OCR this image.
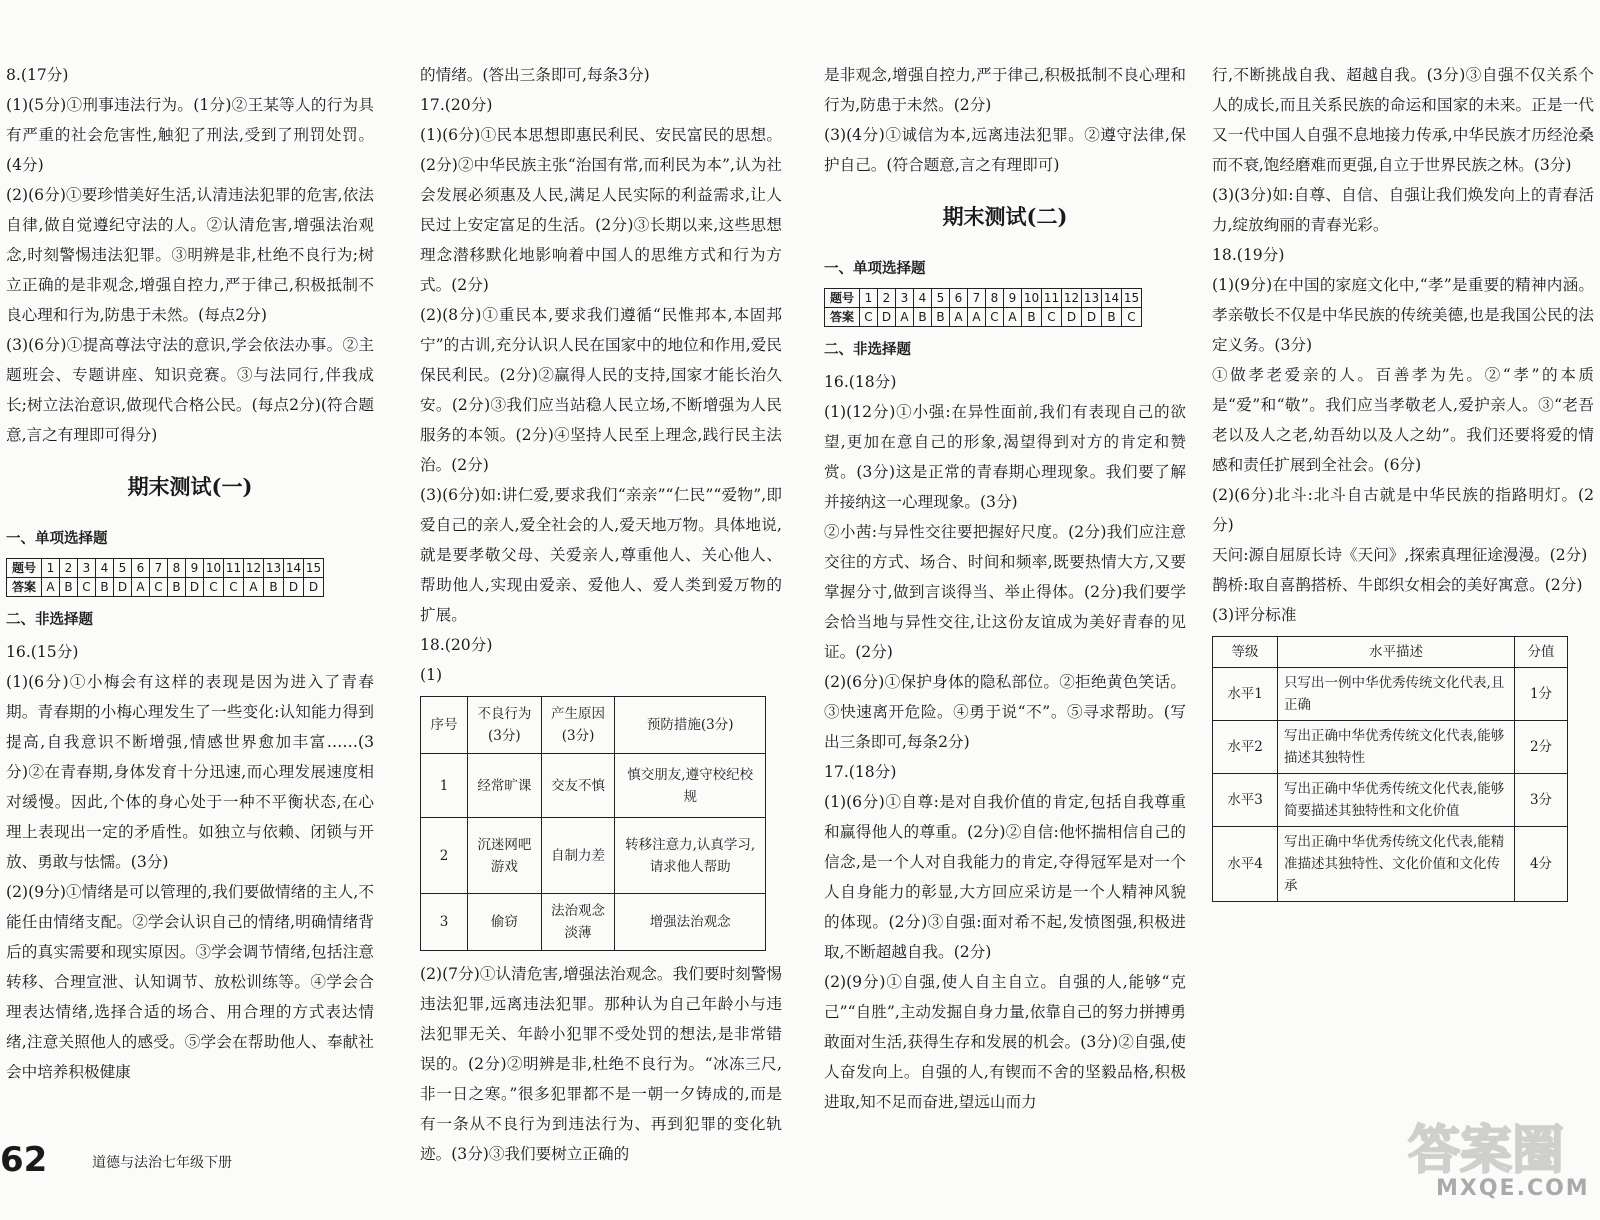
8.(17分)

(1)(5分)①刑事违法行为。(1分)②王某等人的行为具有严重的社会危害性,触犯了刑法,受到了刑罚处罚。(4分)

(2)(6分)①要珍惜美好生活,认清违法犯罪的危害,依法自律,做自觉遵纪守法的人。②认清危害,增强法治观念,时刻警惕违法犯罪。③明辨是非,杜绝不良行为;树立正确的是非观念,增强自控力,严于律己,积极抵制不良心理和行为,防患于未然。(每点2分)

(3)(6分)①提高尊法守法的意识,学会依法办事。②主题班会、专题讲座、知识竞赛。③与法同行,伴我成长;树立法治意识,做现代合格公民。(每点2分)(符合题意,言之有理即可得分)

期末测试(一)
一、单项选择题
题号	1	2	3	4	5	6	7	8	9	10	11	12	13	14	15
答案	A	B	C	B	D	A	C	B	D	C	C	A	B	D	D
二、非选择题

16.(15分)

(1)(6分)①小梅会有这样的表现是因为进入了青春期。青春期的小梅心理发生了一些变化:认知能力得到提高,自我意识不断增强,情感世界愈加丰富……(3分)②在青春期,身体发育十分迅速,而心理发展速度相对缓慢。因此,个体的身心处于一种不平衡状态,在心理上表现出一定的矛盾性。如独立与依赖、闭锁与开放、勇敢与怯懦。(3分)

(2)(9分)①情绪是可以管理的,我们要做情绪的主人,不能任由情绪支配。②学会认识自己的情绪,明确情绪背后的真实需要和现实原因。③学会调节情绪,包括注意转移、合理宣泄、认知调节、放松训练等。④学会合理表达情绪,选择合适的场合、用合理的方式表达情绪,注意关照他人的感受。⑤学会在帮助他人、奉献社会中培养积极健康

的情绪。(答出三条即可,每条3分)

17.(20分)

(1)(6分)①民本思想即惠民利民、安民富民的思想。(2分)②中华民族主张“治国有常,而利民为本”,认为社会发展必须惠及人民,满足人民实际的利益需求,让人民过上安定富足的生活。(2分)③长期以来,这些思想理念潜移默化地影响着中国人的思维方式和行为方式。(2分)

(2)(8分)①重民本,要求我们遵循“民惟邦本,本固邦宁”的古训,充分认识人民在国家中的地位和作用,爱民保民利民。(2分)②赢得人民的支持,国家才能长治久安。(2分)③我们应当站稳人民立场,不断增强为人民服务的本领。(2分)④坚持人民至上理念,践行民主法治。(2分)

(3)(6分)如:讲仁爱,要求我们“亲亲”“仁民”“爱物”,即爱自己的亲人,爱全社会的人,爱天地万物。具体地说,就是要孝敬父母、关爱亲人,尊重他人、关心他人、帮助他人,实现由爱亲、爱他人、爱人类到爱万物的扩展。

18.(20分)

(1)

序号	不良行为(3分)	产生原因(3分)	预防措施(3分)
1	经常旷课	交友不慎	慎交朋友,遵守校纪校规
2	沉迷网吧游戏	自制力差	转移注意力,认真学习,请求他人帮助
3	偷窃	法治观念淡薄	增强法治观念

(2)(7分)①认清危害,增强法治观念。我们要时刻警惕违法犯罪,远离违法犯罪。那种认为自己年龄小与违法犯罪无关、年龄小犯罪不受处罚的想法,是非常错误的。(2分)②明辨是非,杜绝不良行为。“冰冻三尺,非一日之寒。”很多犯罪都不是一朝一夕铸成的,而是有一条从不良行为到违法行为、再到犯罪的变化轨迹。(3分)③我们要树立正确的

是非观念,增强自控力,严于律己,积极抵制不良心理和行为,防患于未然。(2分)

(3)(4分)①诚信为本,远离违法犯罪。②遵守法律,保护自己。(符合题意,言之有理即可)

期末测试(二)
一、单项选择题
题号	1	2	3	4	5	6	7	8	9	10	11	12	13	14	15
答案	C	D	A	B	B	A	A	C	A	B	C	D	D	B	C
二、非选择题

16.(18分)

(1)(12分)①小强:在异性面前,我们有表现自己的欲望,更加在意自己的形象,渴望得到对方的肯定和赞赏。(3分)这是正常的青春期心理现象。我们要了解并接纳这一心理现象。(3分)

②小茜:与异性交往要把握好尺度。(2分)我们应注意交往的方式、场合、时间和频率,既要热情大方,又要掌握分寸,做到言谈得当、举止得体。(2分)我们要学会恰当地与异性交往,让这份友谊成为美好青春的见证。(2分)

(2)(6分)①保护身体的隐私部位。②拒绝黄色笑话。③快速离开危险。④勇于说“不”。⑤寻求帮助。(写出三条即可,每条2分)

17.(18分)

(1)(6分)①自尊:是对自我价值的肯定,包括自我尊重和赢得他人的尊重。(2分)②自信:他怀揣相信自己的信念,是一个人对自我能力的肯定,夺得冠军是对一个人自身能力的彰显,大方回应采访是一个人精神风貌的体现。(2分)③自强:面对希不起,发愤图强,积极进取,不断超越自我。(2分)

(2)(9分)①自强,使人自主自立。自强的人,能够“克己”“自胜”,主动发掘自身力量,依靠自己的努力拼搏勇敢面对生活,获得生存和发展的机会。(3分)②自强,使人奋发向上。自强的人,有锲而不舍的坚毅品格,积极进取,知不足而奋进,望远山而力

行,不断挑战自我、超越自我。(3分)③自强不仅关系个人的成长,而且关系民族的命运和国家的未来。正是一代又一代中国人自强不息地接力传承,中华民族才历经沧桑而不衰,饱经磨难而更强,自立于世界民族之林。(3分)

(3)(3分)如:自尊、自信、自强让我们焕发向上的青春活力,绽放绚丽的青春光彩。

18.(19分)

(1)(9分)在中国的家庭文化中,“孝”是重要的精神内涵。孝亲敬长不仅是中华民族的传统美德,也是我国公民的法定义务。(3分)

①做孝老爱亲的人。百善孝为先。②“孝”的本质是“爱”和“敬”。我们应当孝敬老人,爱护亲人。③“老吾老以及人之老,幼吾幼以及人之幼”。我们还要将爱的情感和责任扩展到全社会。(6分)

(2)(6分)北斗:北斗自古就是中华民族的指路明灯。(2分)

天问:源自屈原长诗《天问》,探索真理征途漫漫。(2分)

鹊桥:取自喜鹊搭桥、牛郎织女相会的美好寓意。(2分)

(3)评分标准

等级	水平描述	分值
水平1	只写出一例中华优秀传统文化代表,且正确	1分
水平2	写出正确中华优秀传统文化代表,能够描述其独特性	2分
水平3	写出正确中华优秀传统文化代表,能够简要描述其独特性和文化价值	3分
水平4	写出正确中华优秀传统文化代表,能精准描述其独特性、文化价值和文化传承	4分
62	道德与法治七年级下册	答案圈
MXQE.COM
